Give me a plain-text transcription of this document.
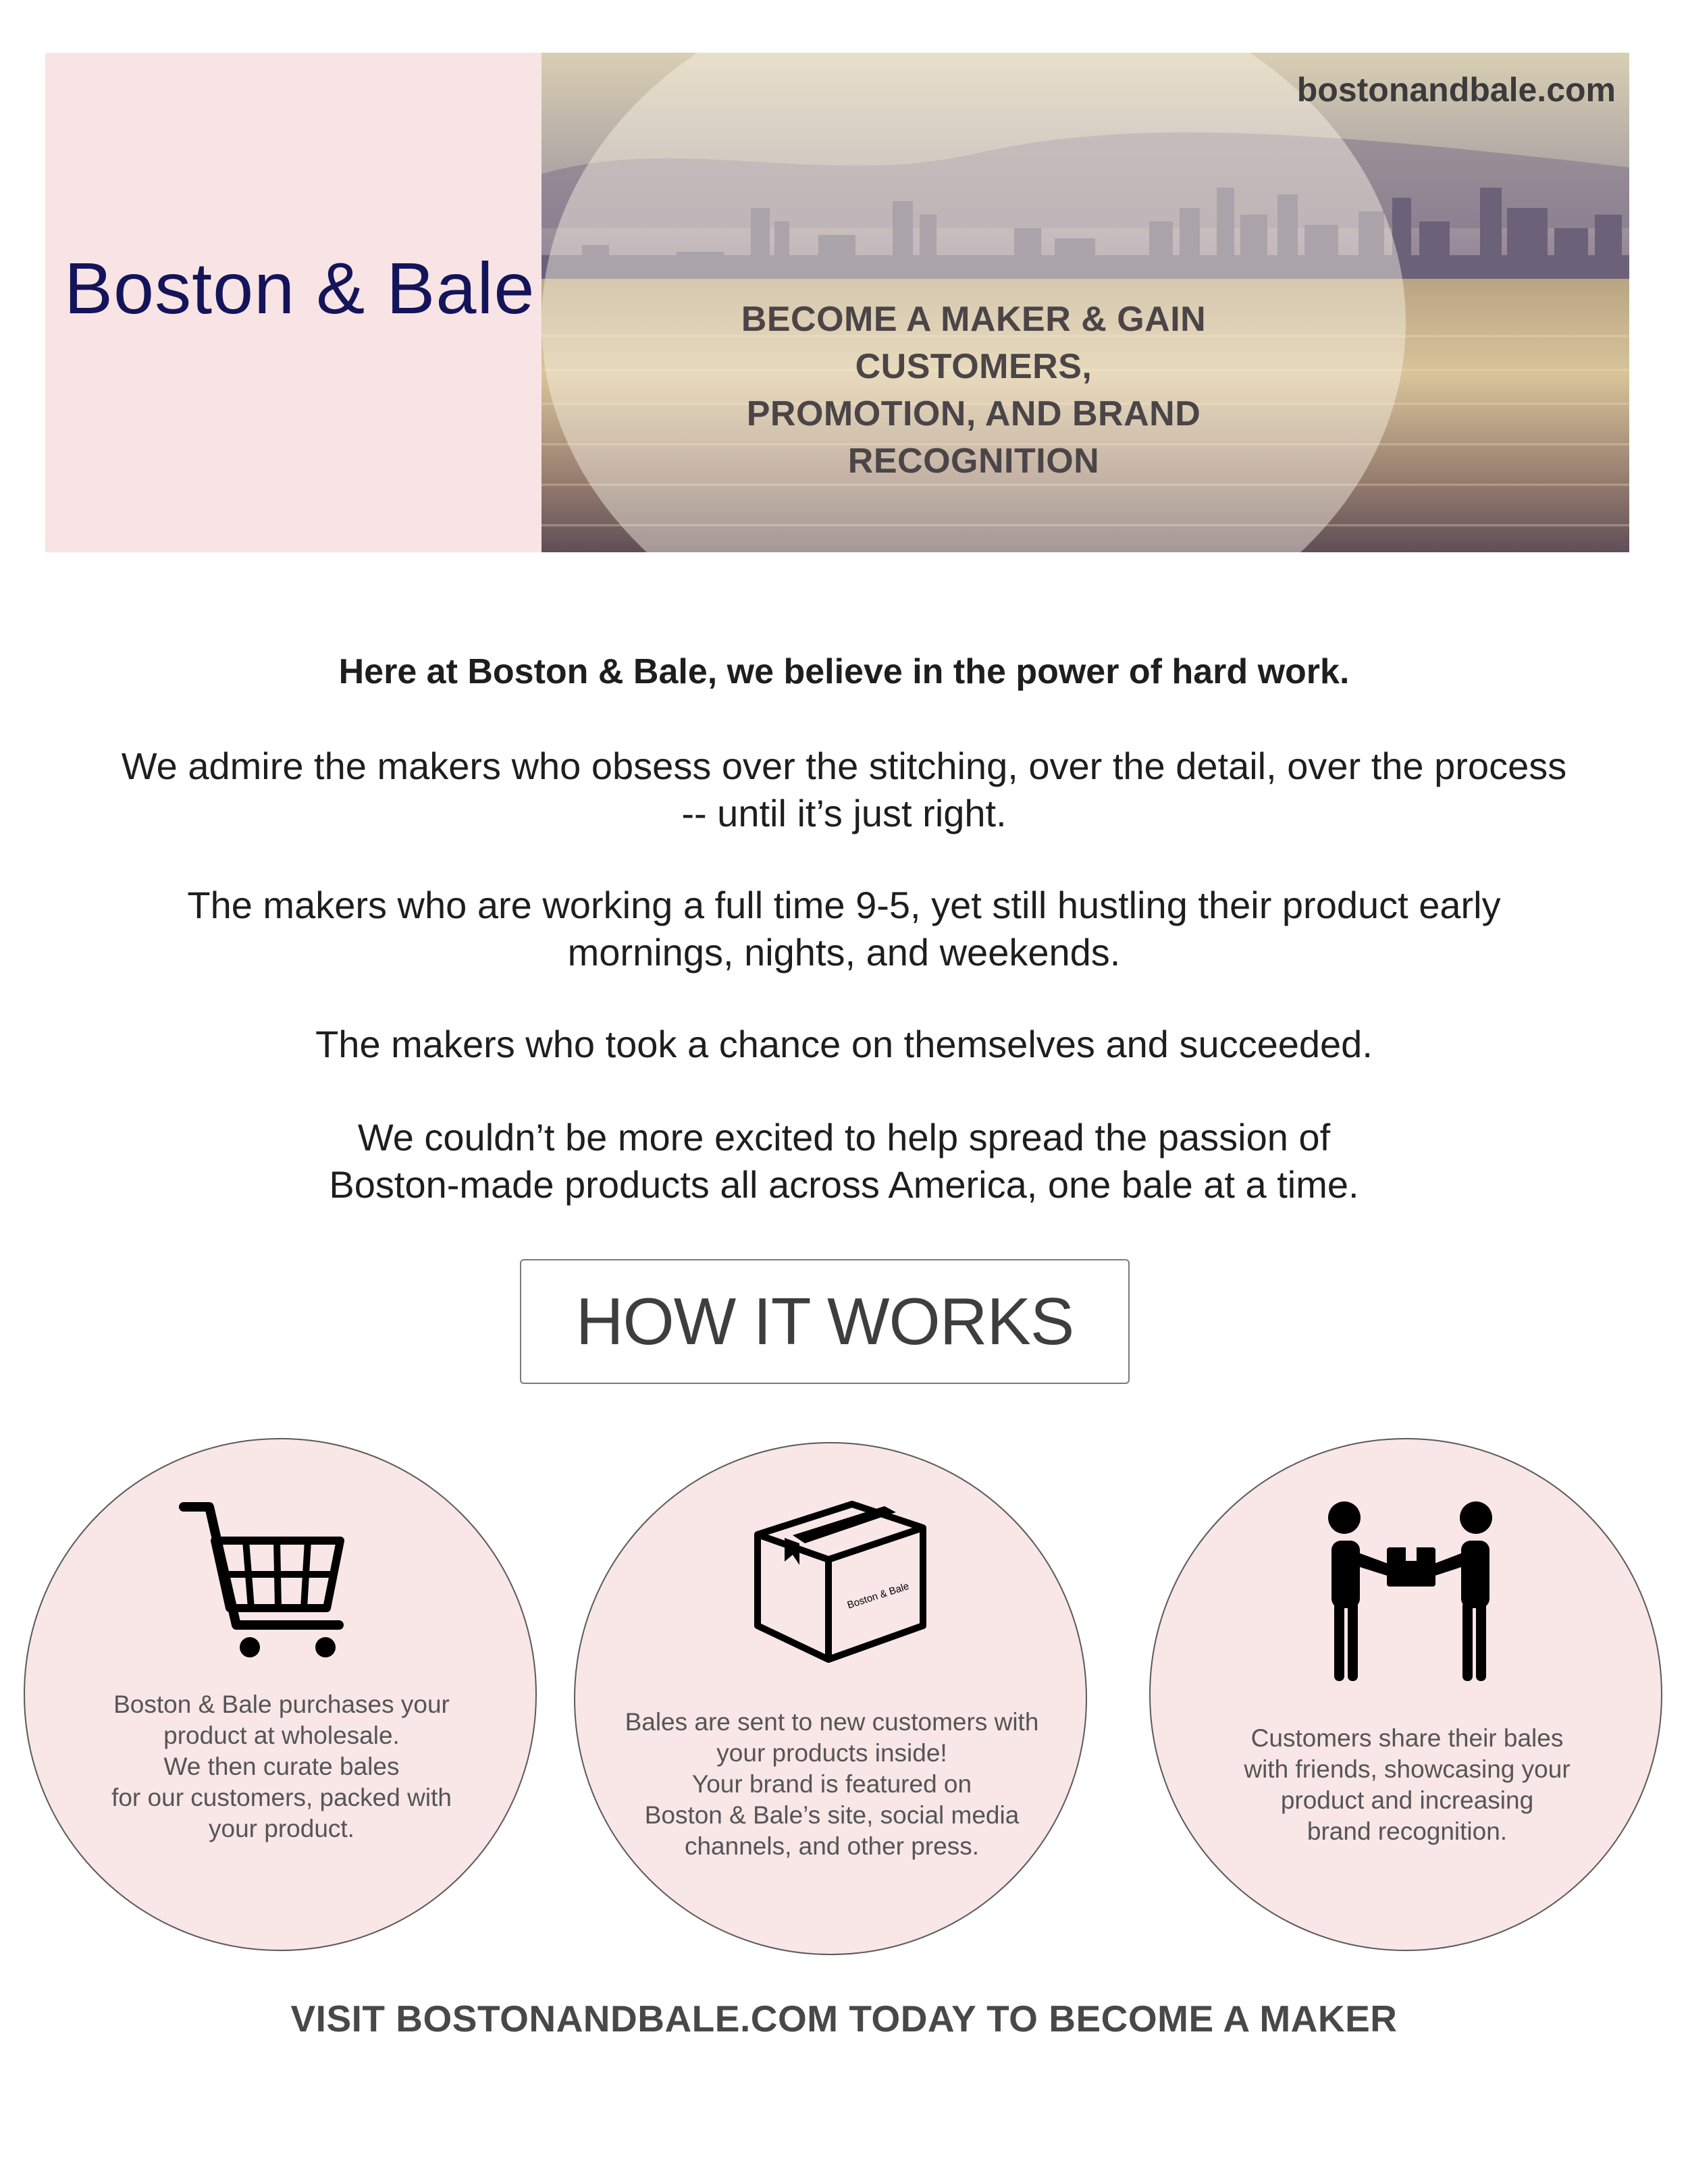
Boston & Bale
bostonandbale.com

BECOME A MAKER & GAIN CUSTOMERS,
PROMOTION, AND BRAND RECOGNITION

Here at Boston & Bale, we believe in the power of hard work.

We admire the makers who obsess over the stitching, over the detail, over the process
-- until it’s just right.

The makers who are working a full time 9-5, yet still hustling their product early
mornings, nights, and weekends.

The makers who took a chance on themselves and succeeded.

We couldn’t be more excited to help spread the passion of
Boston-made products all across America, one bale at a time.

HOW IT WORKS

Boston & Bale purchases your
product at wholesale.
We then curate bales
for our customers, packed with
your product.

Boston & Bale

Bales are sent to new customers with
your products inside!
Your brand is featured on
Boston & Bale’s site, social media
channels, and other press.

Customers share their bales
with friends, showcasing your
product and increasing
brand recognition.

VISIT BOSTONANDBALE.COM TODAY TO BECOME A MAKER
